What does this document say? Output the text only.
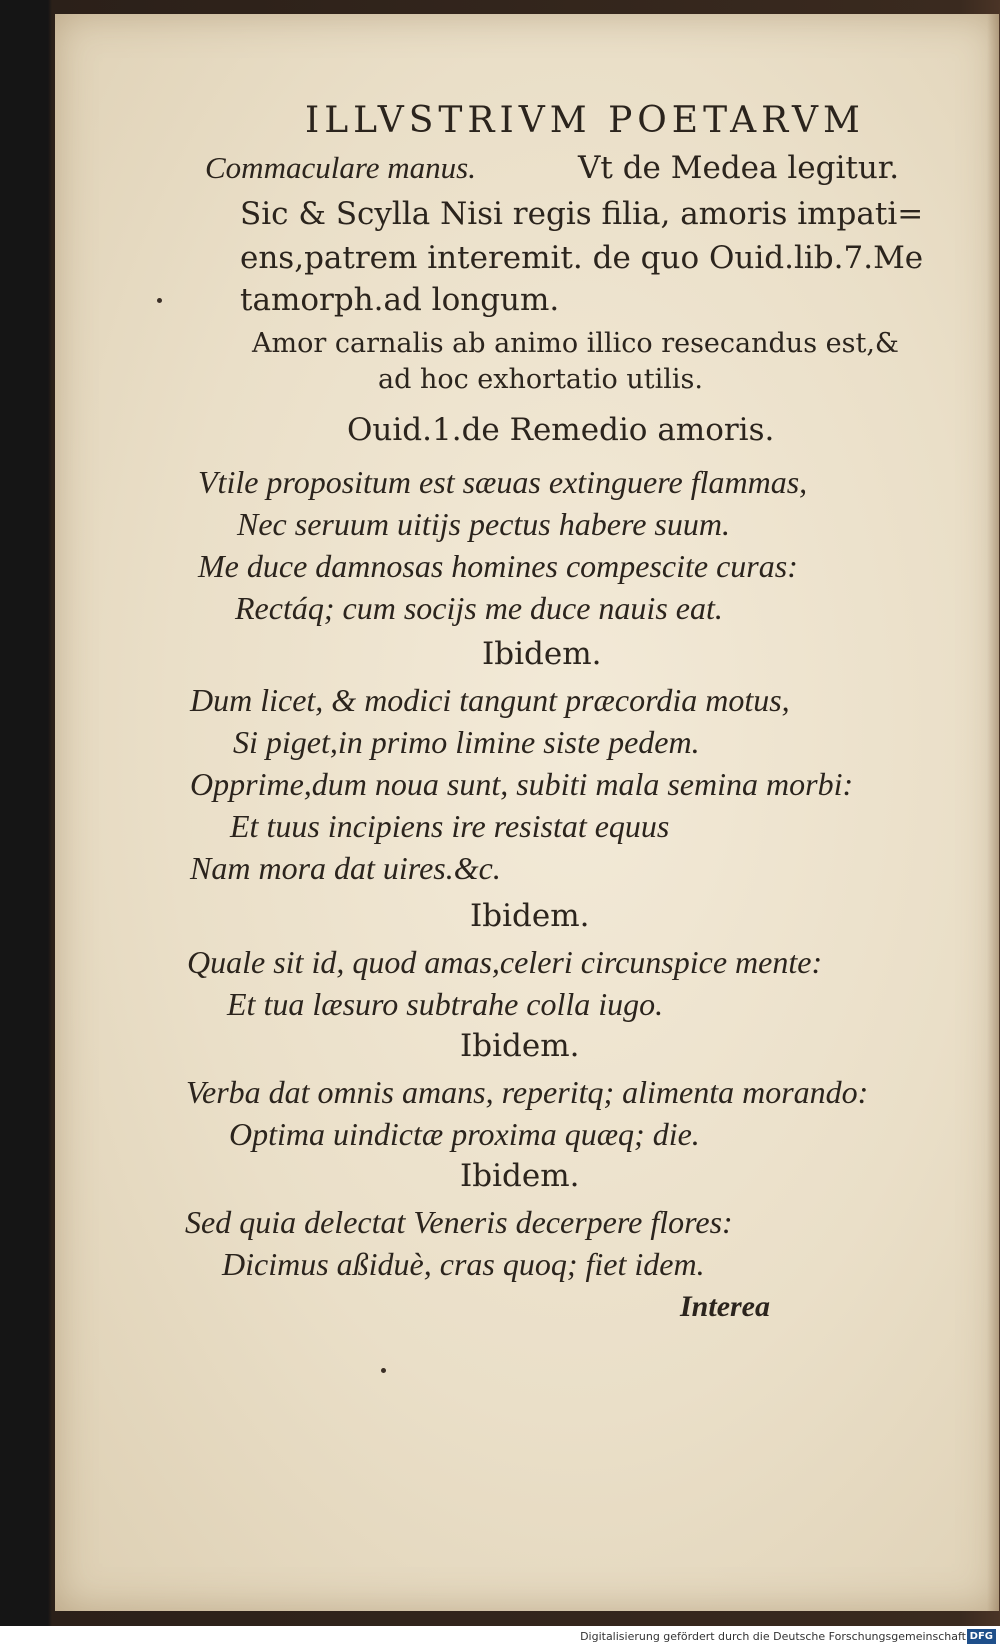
ILLVSTRIVM POETARVM
Commaculare manus.	Vt de Medea legitur.
Sic & Scylla Nisi regis filia, amoris impati=
ens,patrem interemit. de quo Ouid.lib.7.Me
tamorph.ad longum.
Amor carnalis ab animo illico resecandus est,&
ad hoc exhortatio utilis.
Ouid.1.de Remedio amoris.
Vtile propositum est sæuas extinguere flammas,
Nec seruum uitijs pectus habere suum.
Me duce damnosas homines compescite curas:
Rectáq; cum socijs me duce nauis eat.
Ibidem.
Dum licet, & modici tangunt præcordia motus,
Si piget,in primo limine siste pedem.
Opprime,dum noua sunt, subiti mala semina morbi:
Et tuus incipiens ire resistat equus
Nam mora dat uires.&c.
Ibidem.
Quale sit id, quod amas,celeri circunspice mente:
Et tua læsuro subtrahe colla iugo.
Ibidem.
Verba dat omnis amans, reperitq; alimenta morando:
Optima uindictæ proxima quæq; die.
Ibidem.
Sed quia delectat Veneris decerpere flores:
Dicimus aßiduè, cras quoq; fiet idem.
Interea
Digitalisierung gefördert durch die Deutsche Forschungsgemeinschaft DFG
